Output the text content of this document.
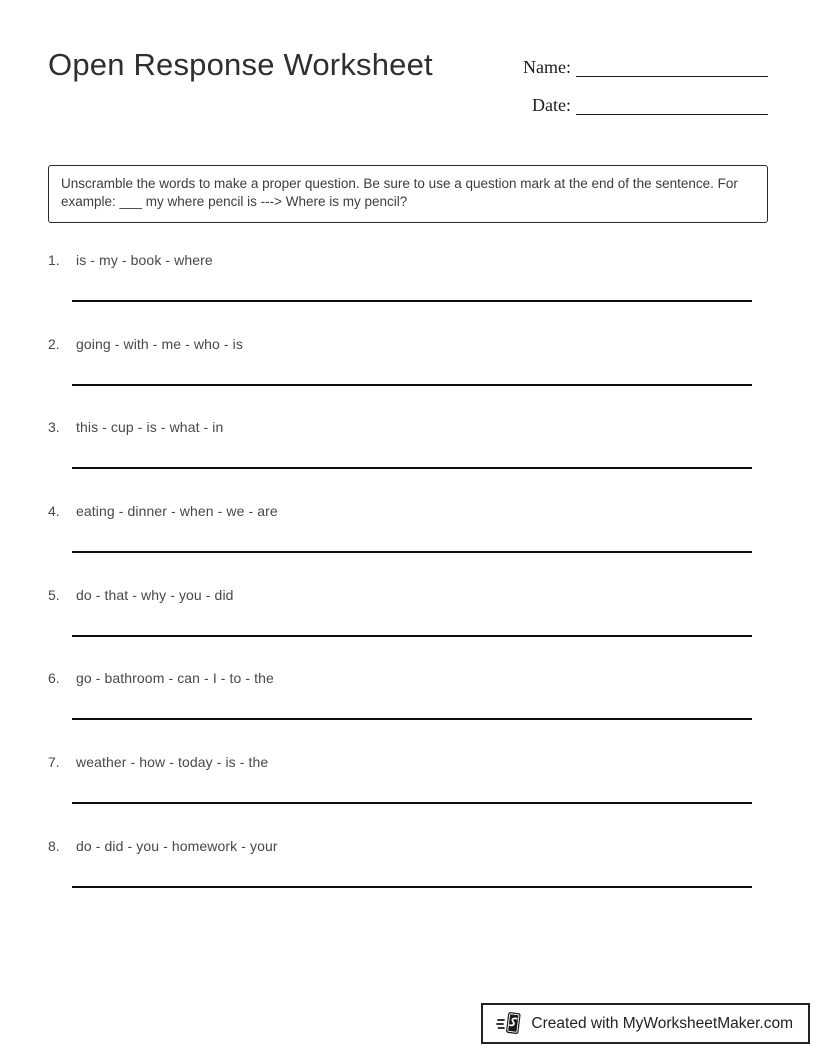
Open Response Worksheet	Name:
Date:

Unscramble the words to make a proper question. Be sure to use a question mark at the end of the sentence. For example: ___ my where pencil is ---> Where is my pencil?

1. is - my - book - where
2. going - with - me - who - is
3. this - cup - is - what - in
4. eating - dinner - when - we - are
5. do - that - why - you - did
6. go - bathroom - can - I - to - the
7. weather - how - today - is - the
8. do - did - you - homework - your
Created with MyWorksheetMaker.com
